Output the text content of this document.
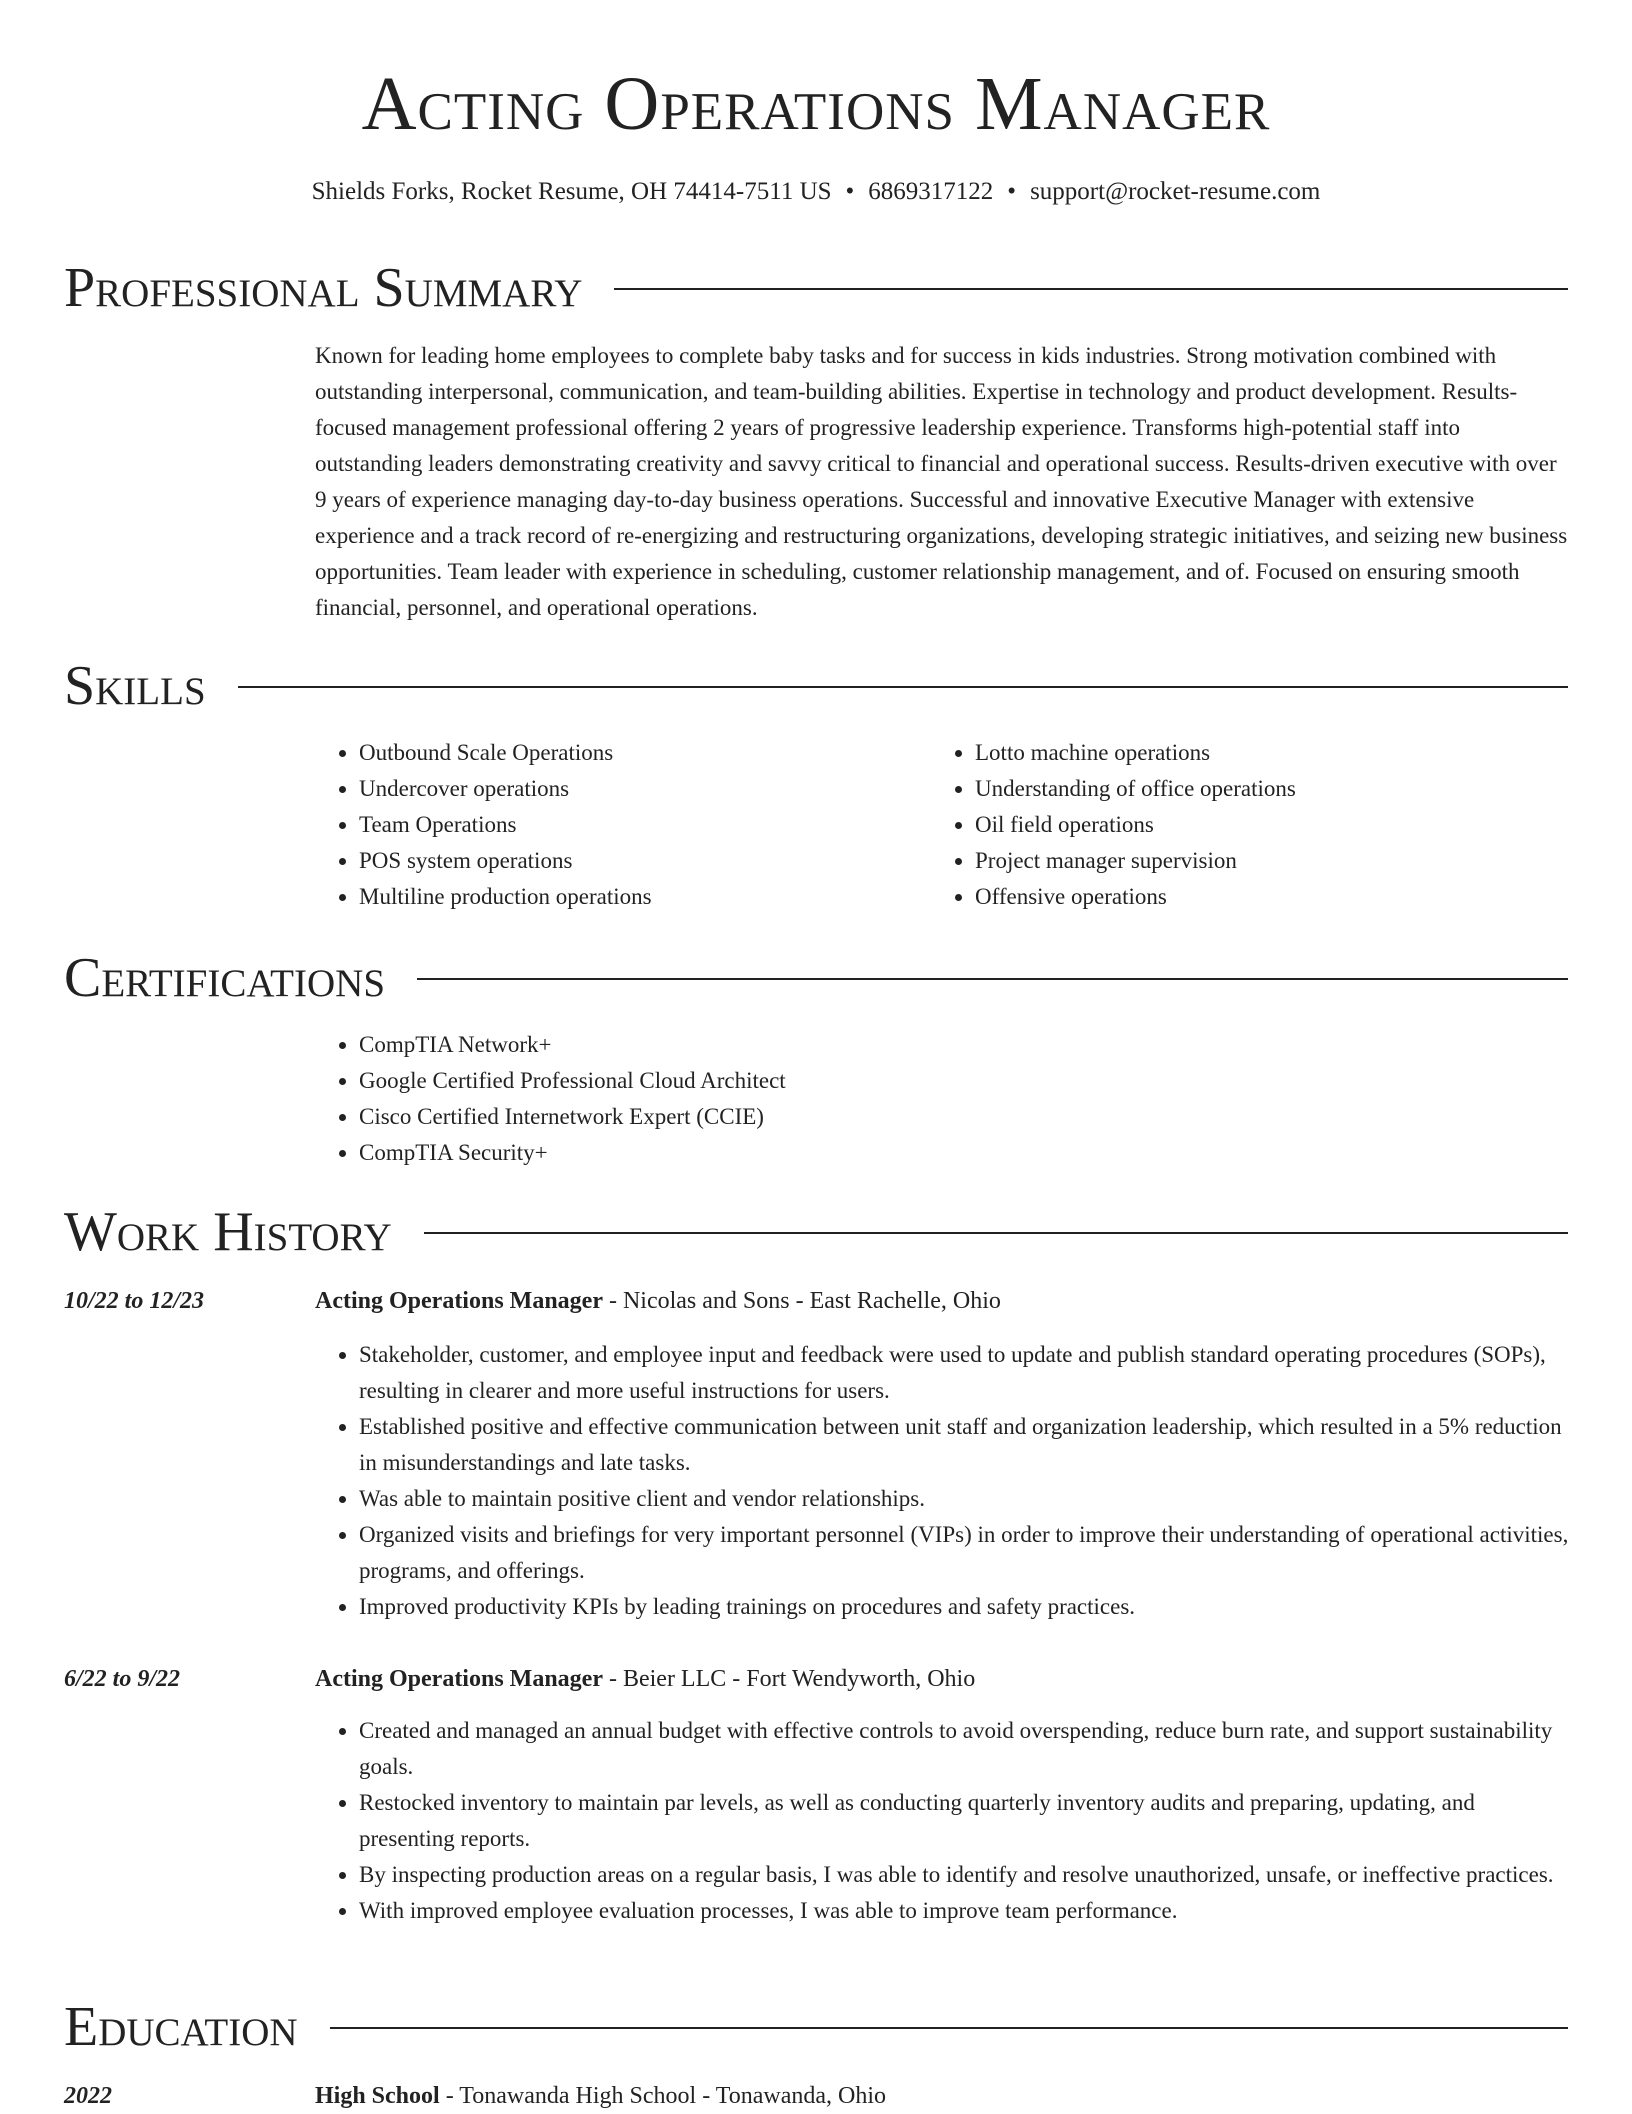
Acting Operations Manager
Shields Forks, Rocket Resume, OH 74414-7511 US • 6869317122 • support@rocket-resume.com
Professional Summary
Known for leading home employees to complete baby tasks and for success in kids industries. Strong motivation combined with outstanding interpersonal, communication, and team-building abilities. Expertise in technology and product development. Results-focused management professional offering 2 years of progressive leadership experience. Transforms high-potential staff into outstanding leaders demonstrating creativity and savvy critical to financial and operational success. Results-driven executive with over 9 years of experience managing day-to-day business operations. Successful and innovative Executive Manager with extensive experience and a track record of re-energizing and restructuring organizations, developing strategic initiatives, and seizing new business opportunities. Team leader with experience in scheduling, customer relationship management, and of. Focused on ensuring smooth financial, personnel, and operational operations.
Skills
• Outbound Scale Operations
• Undercover operations
• Team Operations
• POS system operations
• Multiline production operations
• Lotto machine operations
• Understanding of office operations
• Oil field operations
• Project manager supervision
• Offensive operations
Certifications
• CompTIA Network+
• Google Certified Professional Cloud Architect
• Cisco Certified Internetwork Expert (CCIE)
• CompTIA Security+
Work History
10/22 to 12/23	Acting Operations Manager - Nicolas and Sons - East Rachelle, Ohio
• Stakeholder, customer, and employee input and feedback were used to update and publish standard operating procedures (SOPs), resulting in clearer and more useful instructions for users.
• Established positive and effective communication between unit staff and organization leadership, which resulted in a 5% reduction in misunderstandings and late tasks.
• Was able to maintain positive client and vendor relationships.
• Organized visits and briefings for very important personnel (VIPs) in order to improve their understanding of operational activities, programs, and offerings.
• Improved productivity KPIs by leading trainings on procedures and safety practices.
6/22 to 9/22	Acting Operations Manager - Beier LLC - Fort Wendyworth, Ohio
• Created and managed an annual budget with effective controls to avoid overspending, reduce burn rate, and support sustainability goals.
• Restocked inventory to maintain par levels, as well as conducting quarterly inventory audits and preparing, updating, and presenting reports.
• By inspecting production areas on a regular basis, I was able to identify and resolve unauthorized, unsafe, or ineffective practices.
• With improved employee evaluation processes, I was able to improve team performance.
Education
2022	High School - Tonawanda High School - Tonawanda, Ohio
